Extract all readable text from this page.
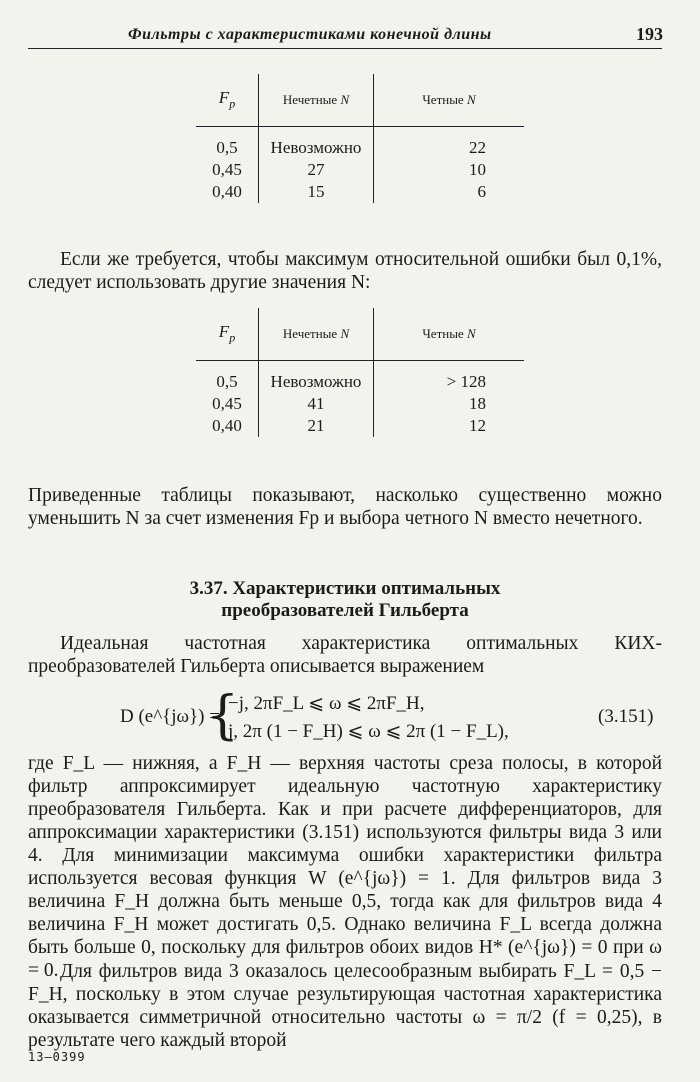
Фильтры с характеристиками конечной длины	193
$F_p$	Нечетные N	Четные N
0,5	Невозможно	22
0,45	27	10
0,40	15	6

Если же требуется, чтобы максимум относительной ошибки был 0,1%, следует использовать другие значения N:

$F_p$	Нечетные N	Четные N
0,5	Невозможно	> 128
0,45	41	18
0,40	21	12

Приведенные таблицы показывают, насколько существенно можно уменьшить N за счет изменения Fp и выбора четного N вместо нечетного.

3.37. Характеристики оптимальных

преобразователей Гильберта

Идеальная частотная характеристика оптимальных КИХ-преобразователей Гильберта описывается выражением

D (e^{jω}) =
{
−j, 2πF_L ⩽ ω ⩽ 2πF_H,
j, 2π (1 − F_H) ⩽ ω ⩽ 2π (1 − F_L),
(3.151)

где F_L — нижняя, а F_H — верхняя частоты среза полосы, в которой фильтр аппроксимирует идеальную частотную характеристику преобразователя Гильберта. Как и при расчете дифференциаторов, для аппроксимации характеристики (3.151) используются фильтры вида 3 или 4. Для минимизации максимума ошибки характеристики фильтра используется весовая функция W (e^{jω}) = 1. Для фильтров вида 3 величина F_H должна быть меньше 0,5, тогда как для фильтров вида 4 величина F_H может достигать 0,5. Однако величина F_L всегда должна быть больше 0, поскольку для фильтров обоих видов H* (e^{jω}) = 0 при ω = 0. Для фильтров вида 3 оказалось целесообразным выбирать F_L = 0,5 − F_H, поскольку в этом случае результирующая частотная характеристика оказывается симметричной относительно частоты ω = π/2 (f = 0,25), в результате чего каждый второй

13—0399
